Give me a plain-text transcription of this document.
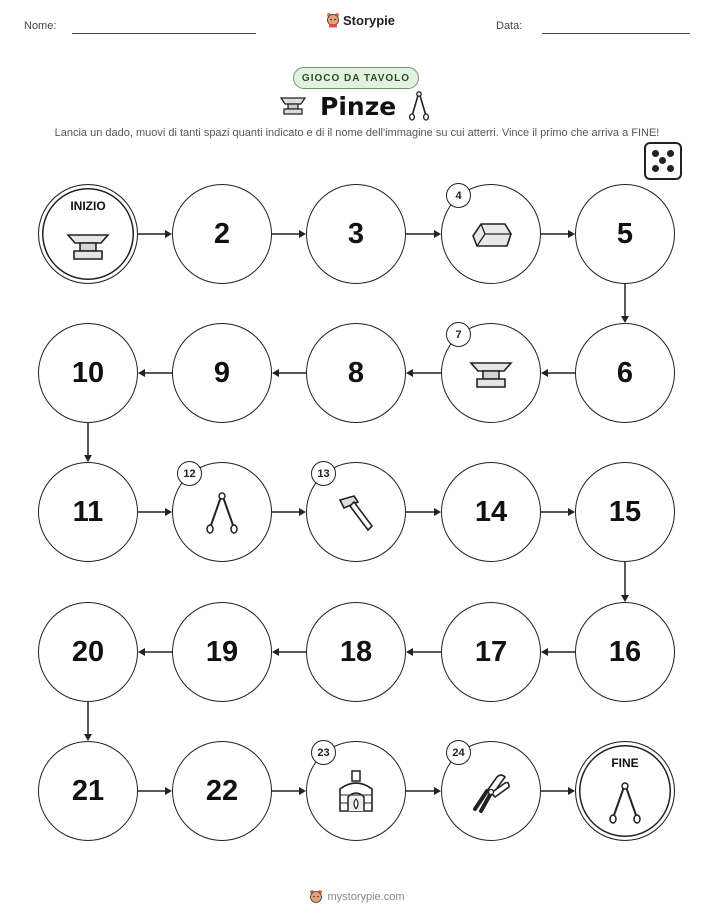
Nome:	Storypie	Data:
GIOCO DA TAVOLO
Pinze
Lancia un dado, muovi di tanti spazi quanti indicato e di il nome dell'immagine su cui atterri. Vince il primo che arriva a FINE!
INIZIO
2	3
4
5
6
7
8
9
10
11
12	13
14	15
16
17
18
19
20
21	22
23	24
FINE
mystorypie.com
